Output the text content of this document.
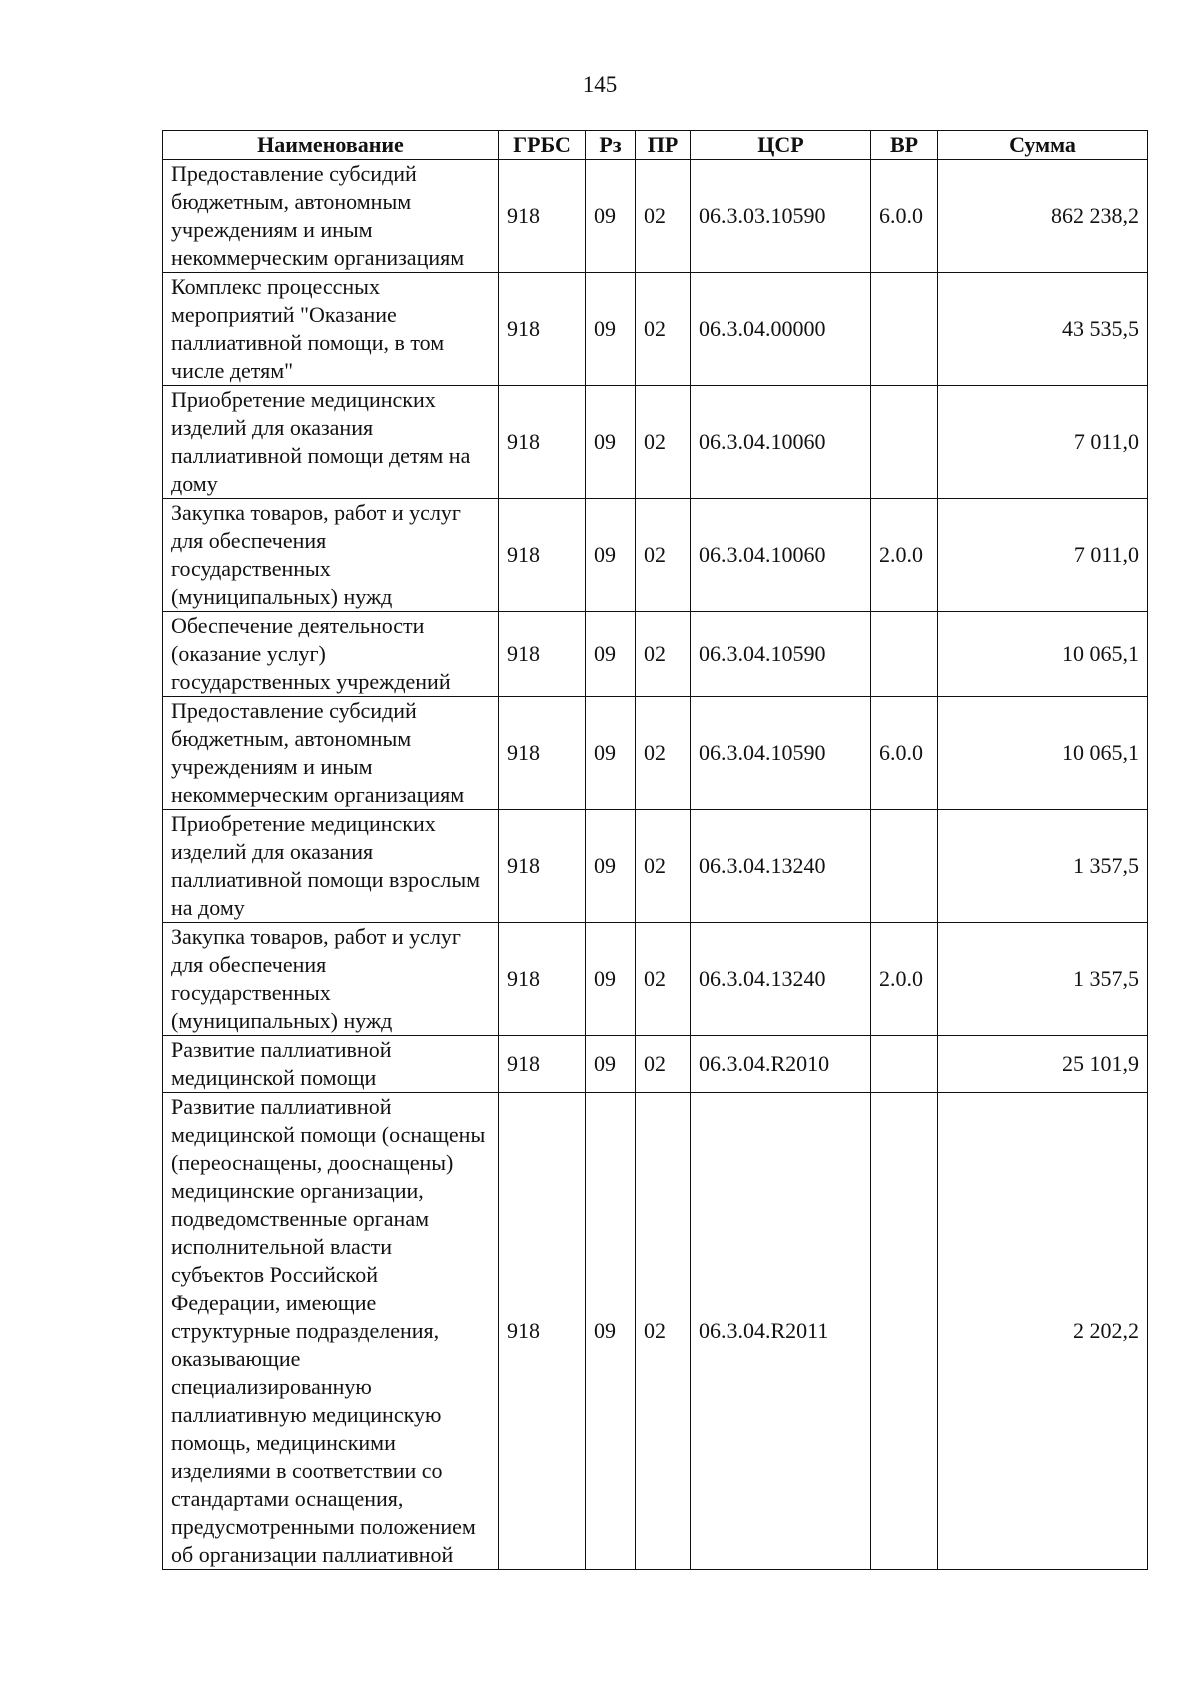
145
Наименование	ГРБС	Рз	ПР	ЦСР	ВР	Сумма
Предоставление субсидий бюджетным, автономным учреждениям и иным некоммерческим организациям	918	09	02	06.3.03.10590	6.0.0	862 238,2
Комплекс процессных мероприятий "Оказание паллиативной помощи, в том числе детям"	918	09	02	06.3.04.00000		43 535,5
Приобретение медицинских изделий для оказания паллиативной помощи детям на дому	918	09	02	06.3.04.10060		7 011,0
Закупка товаров, работ и услуг для обеспечения государственных (муниципальных) нужд	918	09	02	06.3.04.10060	2.0.0	7 011,0
Обеспечение деятельности (оказание услуг) государственных учреждений	918	09	02	06.3.04.10590		10 065,1
Предоставление субсидий бюджетным, автономным учреждениям и иным некоммерческим организациям	918	09	02	06.3.04.10590	6.0.0	10 065,1
Приобретение медицинских изделий для оказания паллиативной помощи взрослым на дому	918	09	02	06.3.04.13240		1 357,5
Закупка товаров, работ и услуг для обеспечения государственных (муниципальных) нужд	918	09	02	06.3.04.13240	2.0.0	1 357,5
Развитие паллиативной медицинской помощи	918	09	02	06.3.04.R2010		25 101,9
Развитие паллиативной медицинской помощи (оснащены (переоснащены, дооснащены) медицинские организации, подведомственные органам исполнительной власти субъектов Российской Федерации, имеющие структурные подразделения, оказывающие специализированную паллиативную медицинскую помощь, медицинскими изделиями в соответствии со стандартами оснащения, предусмотренными положением об организации паллиативной	918	09	02	06.3.04.R2011		2 202,2
